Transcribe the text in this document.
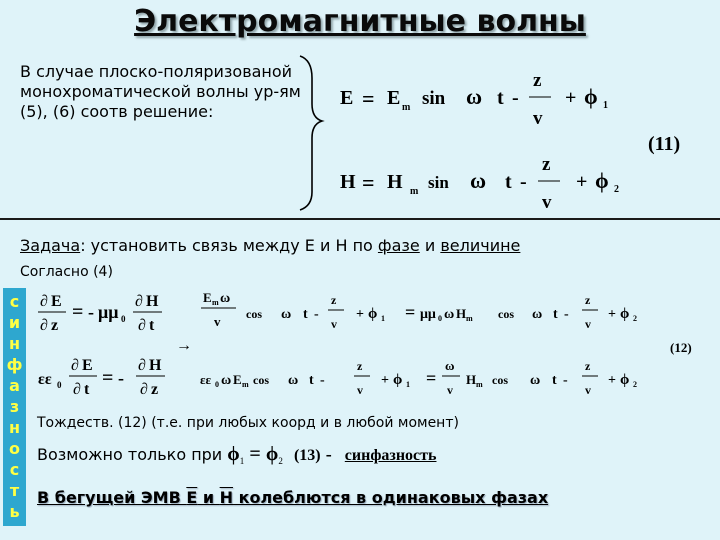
Электромагнитные волны
В случае плоско-поляризованой монохроматической волны ур-ям (5), (6) соотв решение:
E = E m sin ω t -
z
v
+ ϕ 1
H = H m sin ω t -
z
v
+ ϕ 2
(11)
Задача: установить связь между Е и Н по фазе и величине
Согласно (4)
с
и
н
ф
а
з
н
о
с
т
ь
∂ E
∂ z
= - μμ 0
∂ H
∂ t
→
εε 0
∂ E
∂ t
= -
∂ H
∂ z
E m ω
v cos ω t -
z
v
+ ϕ 1 = μμ 0 ω H m cos ω t -
z
v
+ ϕ 2
εε 0 ω E m cos ω t -
z
v
+ ϕ 1 =
ω
v
H m cos ω t -
z
v
+ ϕ 2
(12)
Тождеств. (12) (т.е. при любых коорд и в любой момент)
Возможно только при $\phi_1 = \phi_2$ (13) - синфазность
В бегущей ЭМВ Е и Н колеблются в одинаковых фазах
